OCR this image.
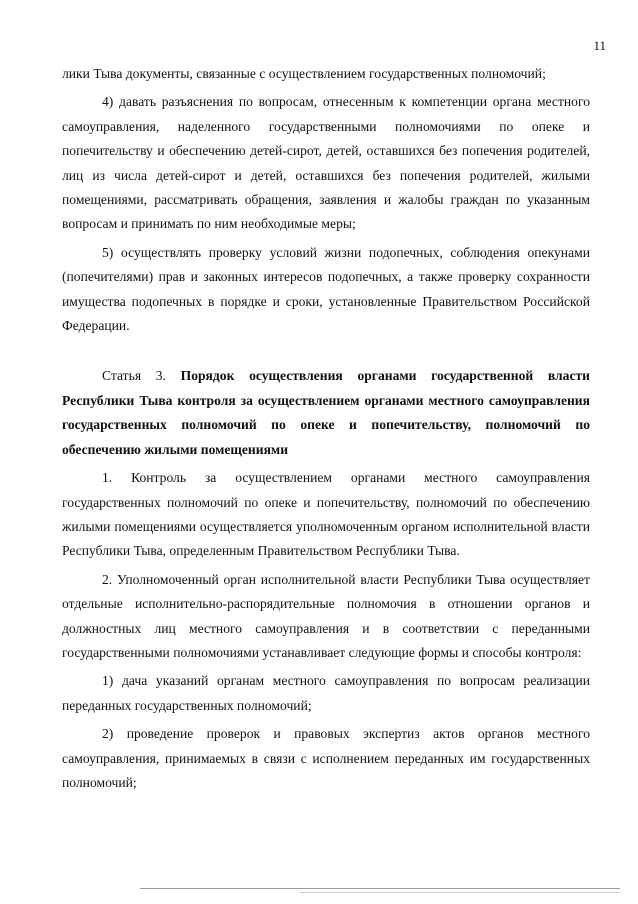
11

лики Тыва документы, связанные с осуществлением государственных полномочий;

4) давать разъяснения по вопросам, отнесенным к компетенции органа местного самоуправления, наделенного государственными полномочиями по опеке и попечительству и обеспечению детей-сирот, детей, оставшихся без попечения родителей, лиц из числа детей-сирот и детей, оставшихся без попечения родителей, жилыми помещениями, рассматривать обращения, заявления и жалобы граждан по указанным вопросам и принимать по ним необходимые меры;

5) осуществлять проверку условий жизни подопечных, соблюдения опекунами (попечителями) прав и законных интересов подопечных, а также проверку сохранности имущества подопечных в порядке и сроки, установленные Правительством Российской Федерации.

Статья 3. Порядок осуществления органами государственной власти Республики Тыва контроля за осуществлением органами местного самоуправления государственных полномочий по опеке и попечительству, полномочий по обеспечению жилыми помещениями

1. Контроль за осуществлением органами местного самоуправления государственных полномочий по опеке и попечительству, полномочий по обеспечению жилыми помещениями осуществляется уполномоченным органом исполнительной власти Республики Тыва, определенным Правительством Республики Тыва.

2. Уполномоченный орган исполнительной власти Республики Тыва осуществляет отдельные исполнительно-распорядительные полномочия в отношении органов и должностных лиц местного самоуправления и в соответствии с переданными государственными полномочиями устанавливает следующие формы и способы контроля:

1) дача указаний органам местного самоуправления по вопросам реализации переданных государственных полномочий;

2) проведение проверок и правовых экспертиз актов органов местного самоуправления, принимаемых в связи с исполнением переданных им государственных полномочий;
